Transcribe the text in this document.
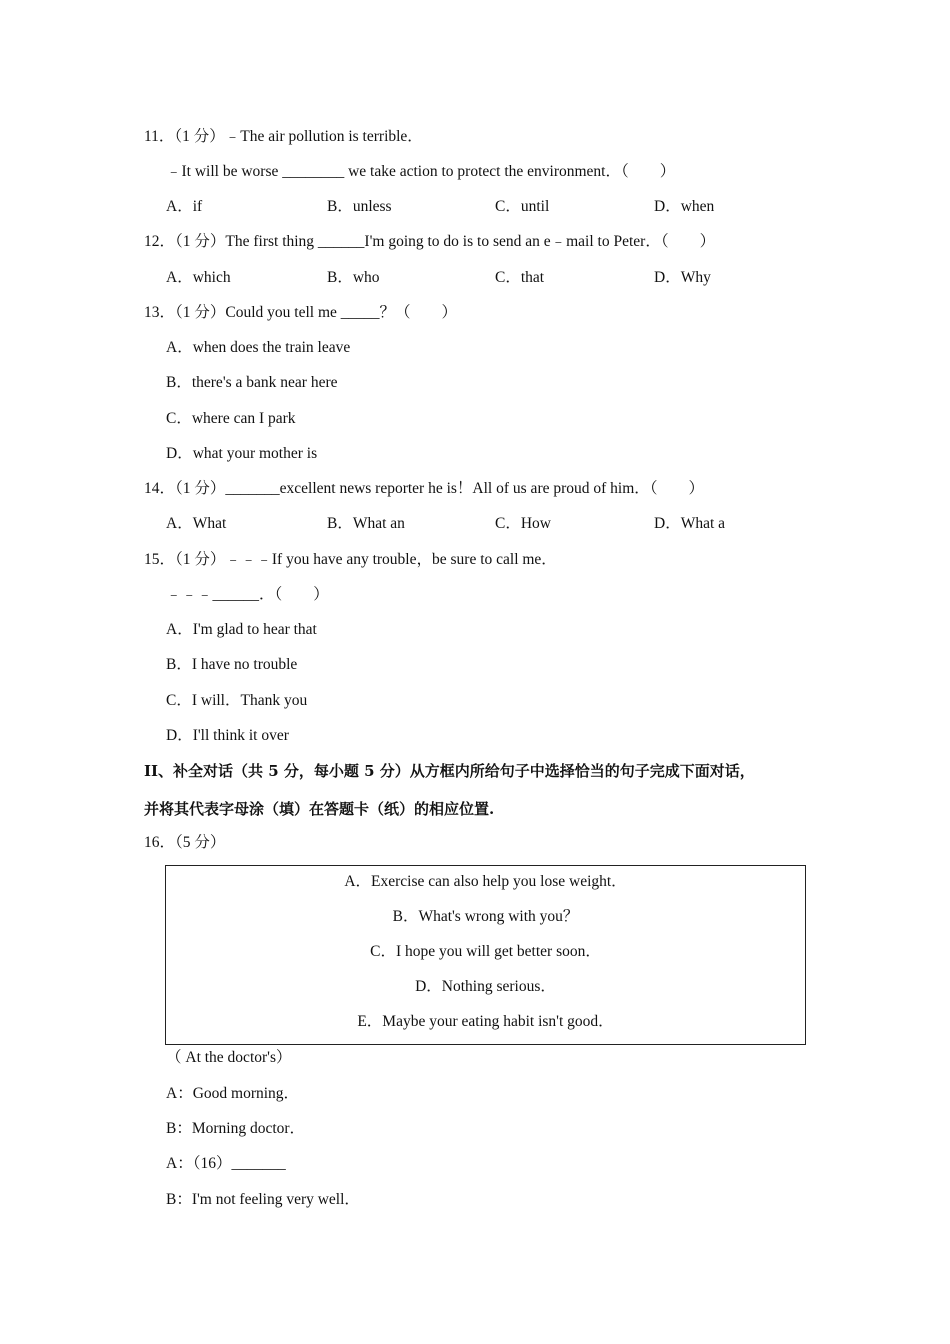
11．（1 分）﹣The air pollution is terrible．
﹣It will be worse ________ we take action to protect the environment．（　　）
A．if	B．unless	C．until	D．when
12．（1 分）The first thing ______I'm going to do is to send an e﹣mail to Peter．（　　）
A．which	B．who	C．that	D．Why
13．（1 分）Could you tell me _____？（　　）
A．when does the train leave
B．there's a bank near here
C．where can I park
D．what your mother is
14．（1 分）_______excellent news reporter he is！All of us are proud of him．（　　）
A．What	B．What an	C．How	D．What a
15．（1 分）﹣﹣﹣If you have any trouble，be sure to call me．
﹣﹣﹣______．（　　）
A．I'm glad to hear that
B．I have no trouble
C．I will．Thank you
D．I'll think it over
II、补全对话（共 5 分，每小题 5 分）从方框内所给句子中选择恰当的句子完成下面对话，
并将其代表字母涂（填）在答题卡（纸）的相应位置.
16．（5 分）
A．Exercise can also help you lose weight．
B．What's wrong with you？
C．I hope you will get better soon．
D．Nothing serious．
E．Maybe your eating habit isn't good．
（ At the doctor's）
A：Good morning．
B：Morning doctor．
A：（16）_______
B：I'm not feeling very well．
